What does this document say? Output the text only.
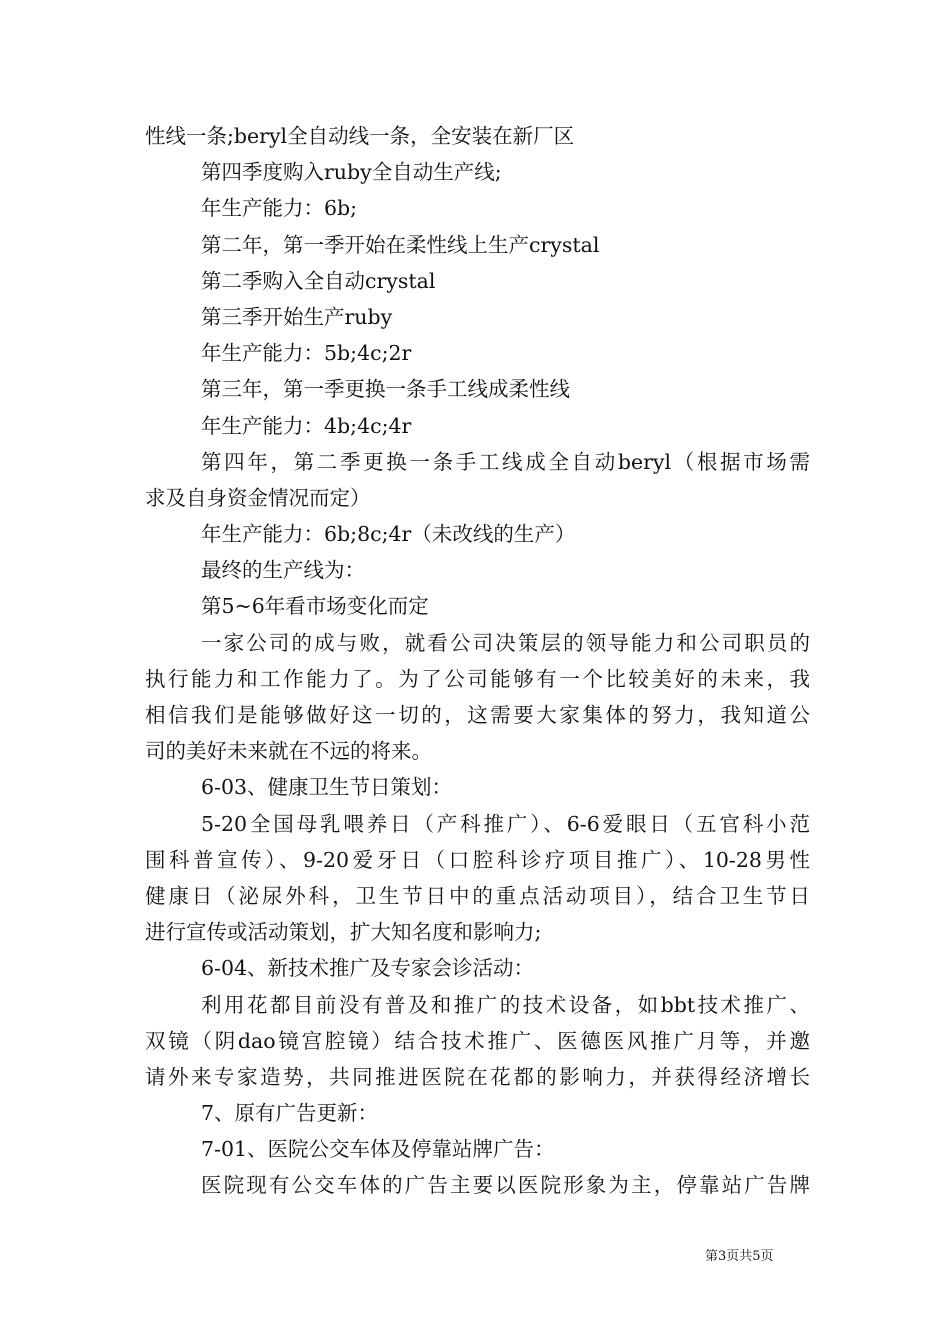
性线一条;beryl全自动线一条，全安装在新厂区
第四季度购入ruby全自动生产线;
年生产能力：6b;
第二年，第一季开始在柔性线上生产crystal
第二季购入全自动crystal
第三季开始生产ruby
年生产能力：5b;4c;2r
第三年，第一季更换一条手工线成柔性线
年生产能力：4b;4c;4r
第四年，第二季更换一条手工线成全自动beryl（根据市场需
求及自身资金情况而定）
年生产能力：6b;8c;4r（未改线的生产）
最终的生产线为：
第5~6年看市场变化而定
一家公司的成与败，就看公司决策层的领导能力和公司职员的
执行能力和工作能力了。为了公司能够有一个比较美好的未来，我
相信我们是能够做好这一切的，这需要大家集体的努力，我知道公
司的美好未来就在不远的将来。
6-03、健康卫生节日策划：
5-20全国母乳喂养日（产科推广）、6-6爱眼日（五官科小范
围科普宣传）、9-20爱牙日（口腔科诊疗项目推广）、10-28男性
健康日（泌尿外科，卫生节日中的重点活动项目），结合卫生节日
进行宣传或活动策划，扩大知名度和影响力;
6-04、新技术推广及专家会诊活动：
利用花都目前没有普及和推广的技术设备，如bbt技术推广、
双镜（阴dao镜宫腔镜）结合技术推广、医德医风推广月等，并邀
请外来专家造势，共同推进医院在花都的影响力，并获得经济增长
7、原有广告更新：
7-01、医院公交车体及停靠站牌广告：
医院现有公交车体的广告主要以医院形象为主，停靠站广告牌
第3页共5页
